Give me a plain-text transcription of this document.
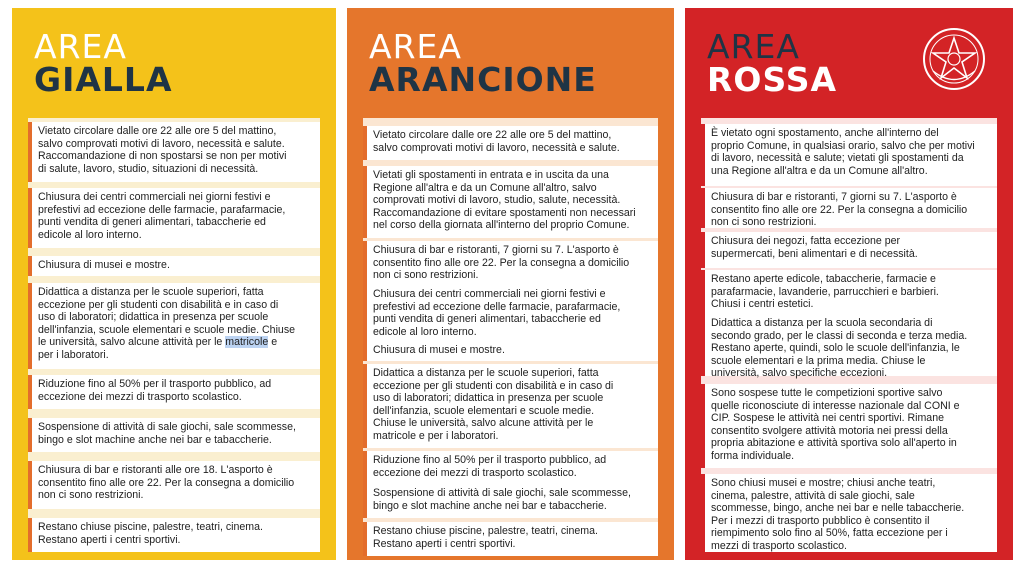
AREA
GIALLA
Vietato circolare dalle ore 22 alle ore 5 del mattino,
salvo comprovati motivi di lavoro, necessità e salute.
Raccomandazione di non spostarsi se non per motivi
di salute, lavoro, studio, situazioni di necessità.
Chiusura dei centri commerciali nei giorni festivi e
prefestivi ad eccezione delle farmacie, parafarmacie,
punti vendita di generi alimentari, tabaccherie ed
edicole al loro interno.
Chiusura di musei e mostre.
Didattica a distanza per le scuole superiori, fatta
eccezione per gli studenti con disabilità e in caso di
uso di laboratori; didattica in presenza per scuole
dell'infanzia, scuole elementari e scuole medie. Chiuse
le università, salvo alcune attività per le matricole e
per i laboratori.
Riduzione fino al 50% per il trasporto pubblico, ad
eccezione dei mezzi di trasporto scolastico.
Sospensione di attività di sale giochi, sale scommesse,
bingo e slot machine anche nei bar e tabaccherie.
Chiusura di bar e ristoranti alle ore 18. L'asporto è
consentito fino alle ore 22. Per la consegna a domicilio
non ci sono restrizioni.
Restano chiuse piscine, palestre, teatri, cinema.
Restano aperti i centri sportivi.
AREA
ARANCIONE
Vietato circolare dalle ore 22 alle ore 5 del mattino,
salvo comprovati motivi di lavoro, necessità e salute.
Vietati gli spostamenti in entrata e in uscita da una
Regione all'altra e da un Comune all'altro, salvo
comprovati motivi di lavoro, studio, salute, necessità.
Raccomandazione di evitare spostamenti non necessari
nel corso della giornata all'interno del proprio Comune.
Chiusura di bar e ristoranti, 7 giorni su 7. L'asporto è
consentito fino alle ore 22. Per la consegna a domicilio
non ci sono restrizioni.
Chiusura dei centri commerciali nei giorni festivi e
prefestivi ad eccezione delle farmacie, parafarmacie,
punti vendita di generi alimentari, tabaccherie ed
edicole al loro interno.
Chiusura di musei e mostre.
Didattica a distanza per le scuole superiori, fatta
eccezione per gli studenti con disabilità e in caso di
uso di laboratori; didattica in presenza per scuole
dell'infanzia, scuole elementari e scuole medie.
Chiuse le università, salvo alcune attività per le
matricole e per i laboratori.
Riduzione fino al 50% per il trasporto pubblico, ad
eccezione dei mezzi di trasporto scolastico.
Sospensione di attività di sale giochi, sale scommesse,
bingo e slot machine anche nei bar e tabaccherie.
Restano chiuse piscine, palestre, teatri, cinema.
Restano aperti i centri sportivi.
AREA
ROSSA
È vietato ogni spostamento, anche all'interno del
proprio Comune, in qualsiasi orario, salvo che per motivi
di lavoro, necessità e salute; vietati gli spostamenti da
una Regione all'altra e da un Comune all'altro.
Chiusura di bar e ristoranti, 7 giorni su 7. L'asporto è
consentito fino alle ore 22. Per la consegna a domicilio
non ci sono restrizioni.
Chiusura dei negozi, fatta eccezione per
supermercati, beni alimentari e di necessità.
Restano aperte edicole, tabaccherie, farmacie e
parafarmacie, lavanderie, parrucchieri e barbieri.
Chiusi i centri estetici.
Didattica a distanza per la scuola secondaria di
secondo grado, per le classi di seconda e terza media.
Restano aperte, quindi, solo le scuole dell'infanzia, le
scuole elementari e la prima media. Chiuse le
università, salvo specifiche eccezioni.
Sono sospese tutte le competizioni sportive salvo
quelle riconosciute di interesse nazionale dal CONI e
CIP. Sospese le attività nei centri sportivi. Rimane
consentito svolgere attività motoria nei pressi della
propria abitazione e attività sportiva solo all'aperto in
forma individuale.
Sono chiusi musei e mostre; chiusi anche teatri,
cinema, palestre, attività di sale giochi, sale
scommesse, bingo, anche nei bar e nelle tabaccherie.
Per i mezzi di trasporto pubblico è consentito il
riempimento solo fino al 50%, fatta eccezione per i
mezzi di trasporto scolastico.
